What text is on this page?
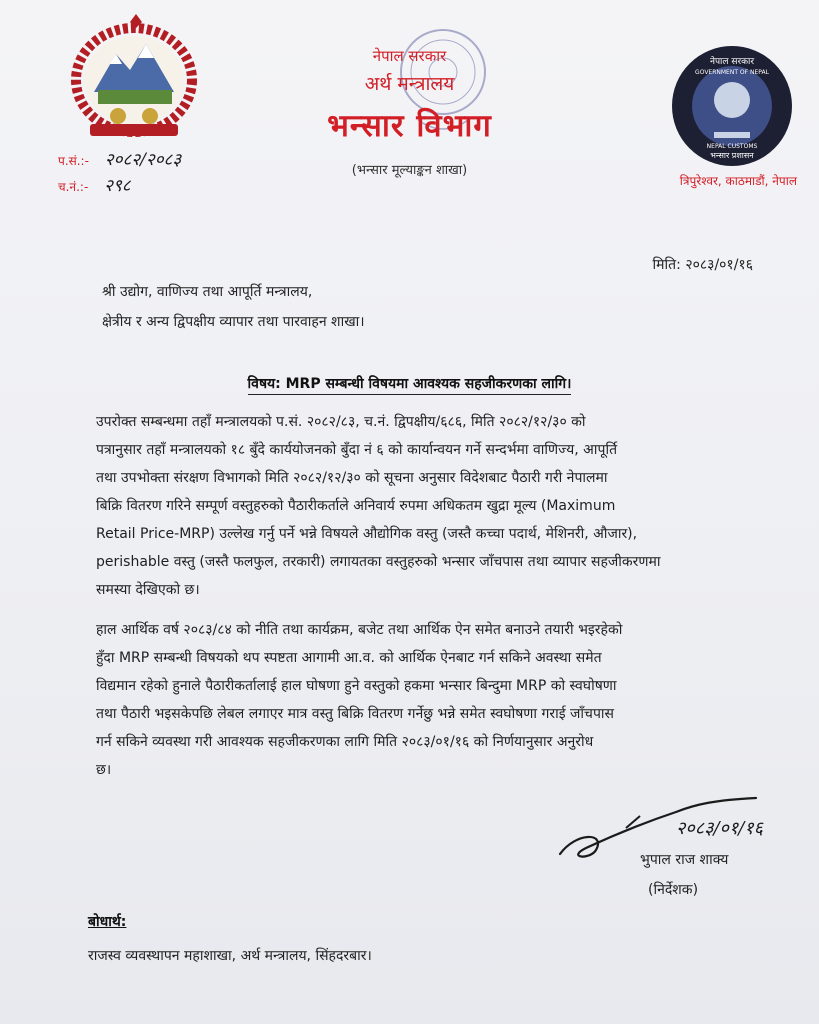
नेपाल सरकार
अर्थ मन्त्रालय
भन्सार विभाग
(भन्सार मूल्याङ्कन शाखा)
नेपाल सरकार
GOVERNMENT OF NEPAL
NEPAL CUSTOMS
भन्सार प्रशासन
त्रिपुरेश्वर, काठमाडौं, नेपाल
प.सं.:- २०८२/२०८३
च.नं.:- २९८
मिति: २०८३/०१/१६
श्री उद्योग, वाणिज्य तथा आपूर्ति मन्त्रालय,
क्षेत्रीय र अन्य द्विपक्षीय व्यापार तथा पारवाहन शाखा।
विषय: MRP सम्बन्धी विषयमा आवश्यक सहजीकरणका लागि।

उपरोक्त सम्बन्धमा तहाँ मन्त्रालयको प.सं. २०८२/८३, च.नं. द्विपक्षीय/६८६, मिति २०८२/१२/३० को

पत्रानुसार तहाँ मन्त्रालयको १८ बुँदे कार्ययोजनको बुँदा नं ६ को कार्यान्वयन गर्ने सन्दर्भमा वाणिज्य, आपूर्ति

तथा उपभोक्ता संरक्षण विभागको मिति २०८२/१२/३० को सूचना अनुसार विदेशबाट पैठारी गरी नेपालमा

बिक्रि वितरण गरिने सम्पूर्ण वस्तुहरुको पैठारीकर्ताले अनिवार्य रुपमा अधिकतम खुद्रा मूल्य (Maximum

Retail Price-MRP) उल्लेख गर्नु पर्ने भन्ने विषयले औद्योगिक वस्तु (जस्तै कच्चा पदार्थ, मेशिनरी, औजार),

perishable वस्तु (जस्तै फलफुल, तरकारी) लगायतका वस्तुहरुको भन्सार जाँचपास तथा व्यापार सहजीकरणमा

समस्या देखिएको छ।

हाल आर्थिक वर्ष २०८३/८४ को नीति तथा कार्यक्रम, बजेट तथा आर्थिक ऐन समेत बनाउने तयारी भइरहेको

हुँदा MRP सम्बन्धी विषयको थप स्पष्टता आगामी आ.व. को आर्थिक ऐनबाट गर्न सकिने अवस्था समेत

विद्यमान रहेको हुनाले पैठारीकर्तालाई हाल घोषणा हुने वस्तुको हकमा भन्सार बिन्दुमा MRP को स्वघोषणा

तथा पैठारी भइसकेपछि लेबल लगाएर मात्र वस्तु बिक्रि वितरण गर्नेछु भन्ने समेत स्वघोषणा गराई जाँचपास

गर्न सकिने व्यवस्था गरी आवश्यक सहजीकरणका लागि मिति २०८३/०१/१६ को निर्णयानुसार अनुरोध

छ।

२०८३/०१/१६
भुपाल राज शाक्य
(निर्देशक)
बोधार्थ:
राजस्व व्यवस्थापन महाशाखा, अर्थ मन्त्रालय, सिंहदरबार।
